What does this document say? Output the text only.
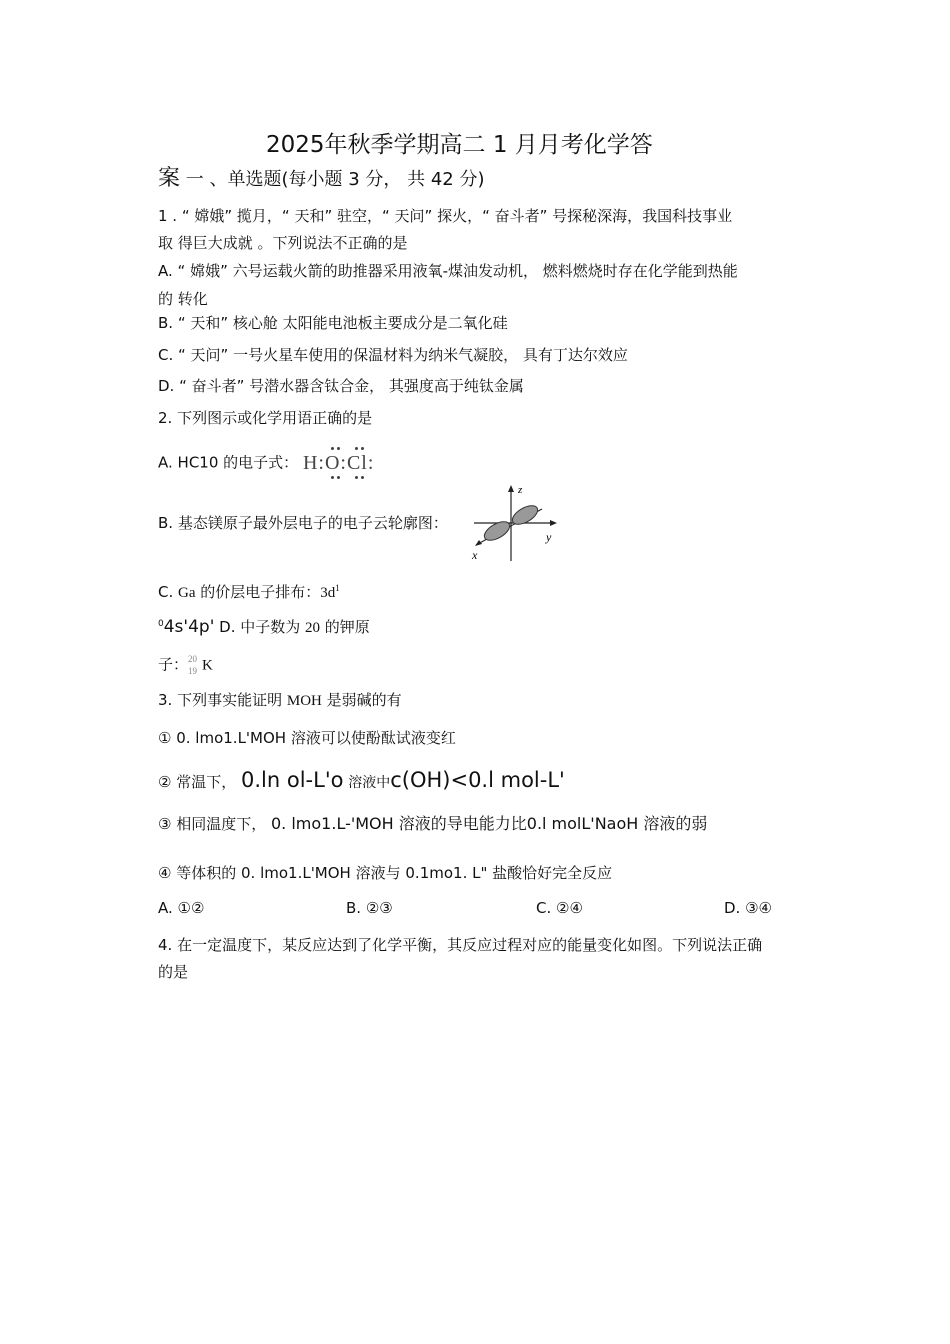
2025年秋季学期高二 1 月月考化学答
案 一 、单选题(每小题 3 分， 共 42 分)
1 . “ 嫦娥” 揽月，“ 天和” 驻空，“ 天问” 探火，“ 奋斗者” 号探秘深海，我国科技事业
取 得巨大成就 。下列说法不正确的是
A. “ 嫦娥” 六号运载火箭的助推器采用液氧-煤油发动机， 燃料燃烧时存在化学能到热能
的 转化
B. “ 天和” 核心舱 太阳能电池板主要成分是二氧化硅
C. “ 天问” 一号火星车使用的保温材料为纳米气凝胶， 具有丁达尔效应
D. “ 奋斗者” 号潜水器含钛合金， 其强度高于纯钛金属
2. 下列图示或化学用语正确的是
A. HC10 的电子式： H:O:Cl:
B. 基态镁原子最外层电子的电子云轮廓图：
z
y
x
C. Ga 的价层电子排布：$3d^1$
$^0$4s'4p' D. 中子数为 20 的钾原
子： 20
19 K
3. 下列事实能证明 MOH 是弱碱的有
① 0. lmo1.L'MOH 溶液可以使酚酞试液变红
② 常温下， 0.ln ol-L'o 溶液中c(OH)<0.l mol-L'
③ 相同温度下， 0. lmo1.L-'MOH 溶液的导电能力比0.l molL'NaoH 溶液的弱
④ 等体积的 0. lmo1.L'MOH 溶液与 0.1mo1. L" 盐酸恰好完全反应
A. ①②	B. ②③	C. ②④	D. ③④
4. 在一定温度下，某反应达到了化学平衡，其反应过程对应的能量变化如图。下列说法正确
的是
